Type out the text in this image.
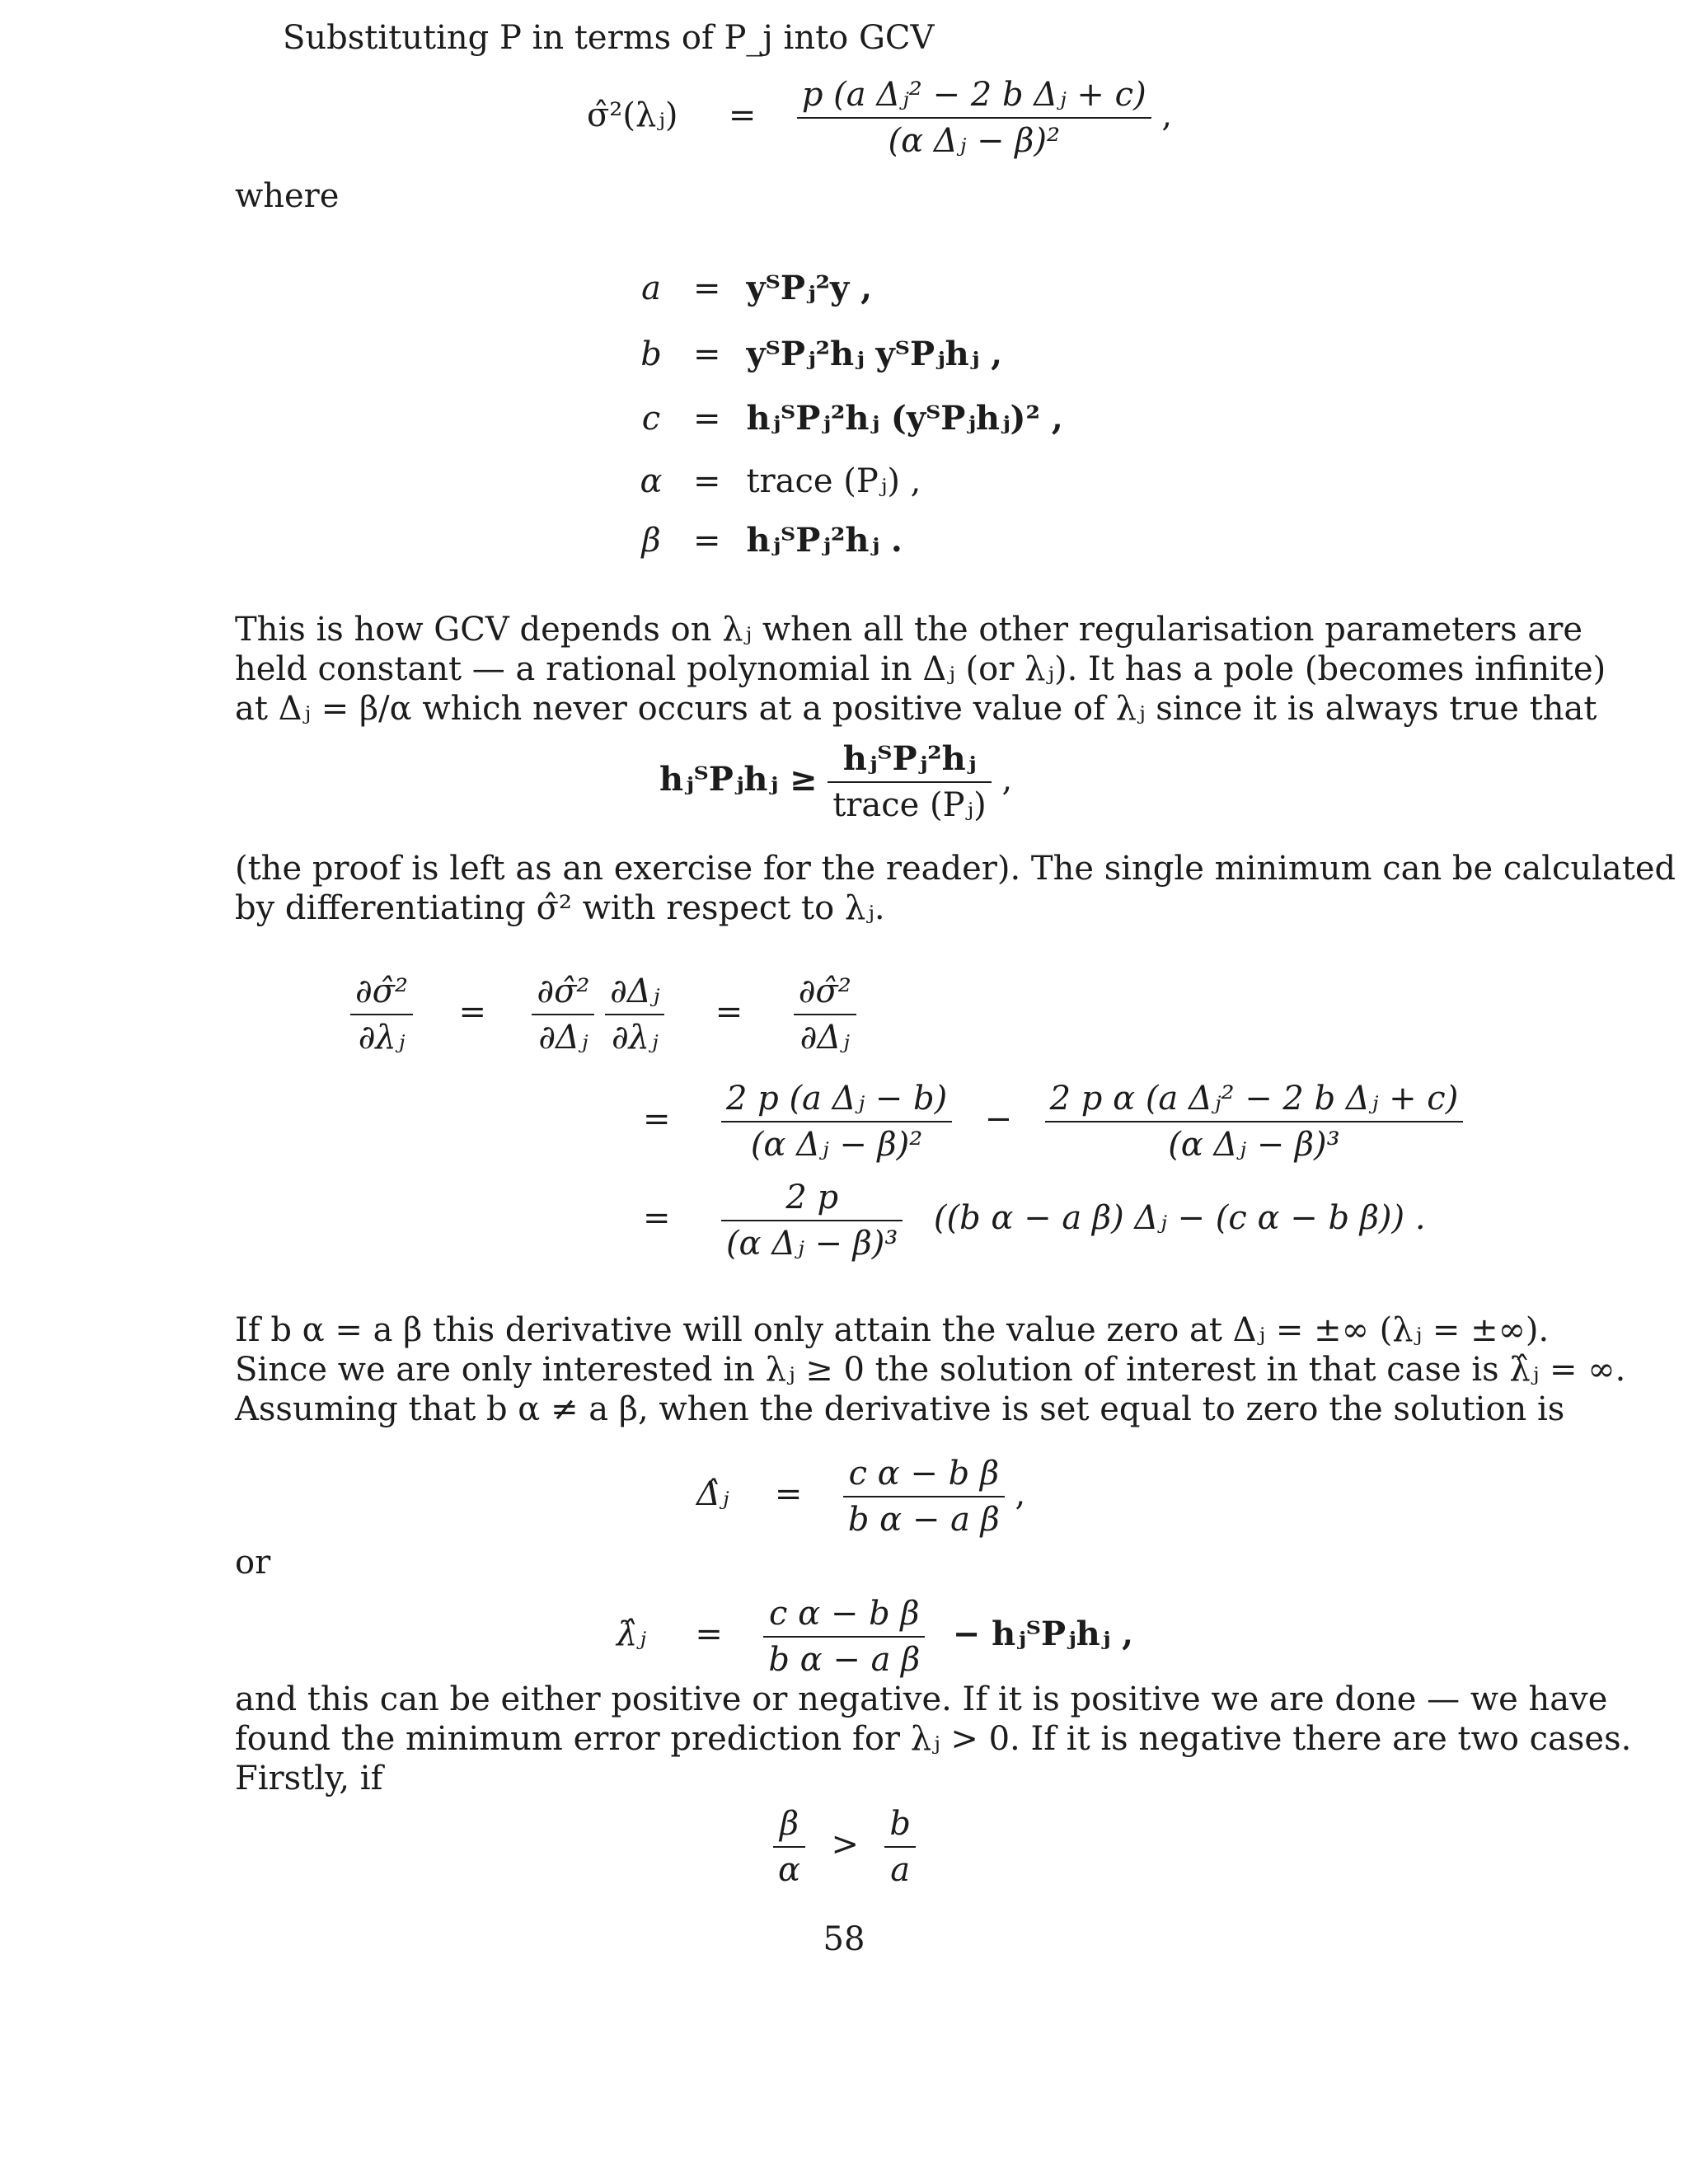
Substituting P in terms of P_j into GCV
σ̂²(λⱼ) = $\frac{\text{p (a Δⱼ² − 2 b Δⱼ + c)}}{\text{(α Δⱼ − β)²}}$ ,
where
a = yᵀPⱼ²y ,
b = yᵀPⱼ²hⱼ yᵀPⱼhⱼ ,
c = hⱼᵀPⱼ²hⱼ (yᵀPⱼhⱼ)² ,
α = trace (Pⱼ) ,
β = hⱼᵀPⱼ²hⱼ .
This is how GCV depends on λⱼ when all the other regularisation parameters are
held constant — a rational polynomial in Δⱼ (or λⱼ). It has a pole (becomes infinite)
at Δⱼ = β/α which never occurs at a positive value of λⱼ since it is always true that
hⱼᵀPⱼhⱼ ≥ $\frac{\text{hⱼᵀPⱼ²hⱼ}}{\text{trace (Pⱼ)}}$ ,
(the proof is left as an exercise for the reader). The single minimum can be calculated
by differentiating σ̂² with respect to λⱼ.
$\frac{\text{∂σ̂²}}{\text{∂λⱼ}} = \frac{\text{∂σ̂²}}{\text{∂Δⱼ}}$
$\frac{\text{∂Δⱼ}}{\text{∂λⱼ}} = \frac{\text{∂σ̂²}}{\text{∂Δⱼ}}$
= $\frac{\text{2 p (a Δⱼ − b)}}{\text{(α Δⱼ − β)²}} - \frac{\text{2 p α (a Δⱼ² − 2 b Δⱼ + c)}}{\text{(α Δⱼ − β)³}}$
= $\frac{2 p}{\text{(α Δⱼ − β)³}} ((b$ α − a β) Δⱼ − (c α − b β)) .
If b α = a β this derivative will only attain the value zero at Δⱼ = ±∞ (λⱼ = ±∞).
Since we are only interested in λⱼ ≥ 0 the solution of interest in that case is λ̂ⱼ = ∞.
Assuming that b α ≠ a β, when the derivative is set equal to zero the solution is
Δ̂ⱼ = $\frac{\text{c α − b β}}{\text{b α − a β}}$ ,
or
λ̂ⱼ = $\frac{\text{c α − b β}}{\text{b α − a β}}$ − hⱼᵀPⱼhⱼ ,
and this can be either positive or negative. If it is positive we are done — we have
found the minimum error prediction for λⱼ > 0. If it is negative there are two cases.
Firstly, if
$\frac{\beta}{\alpha} > \frac{b}{a}$
58
